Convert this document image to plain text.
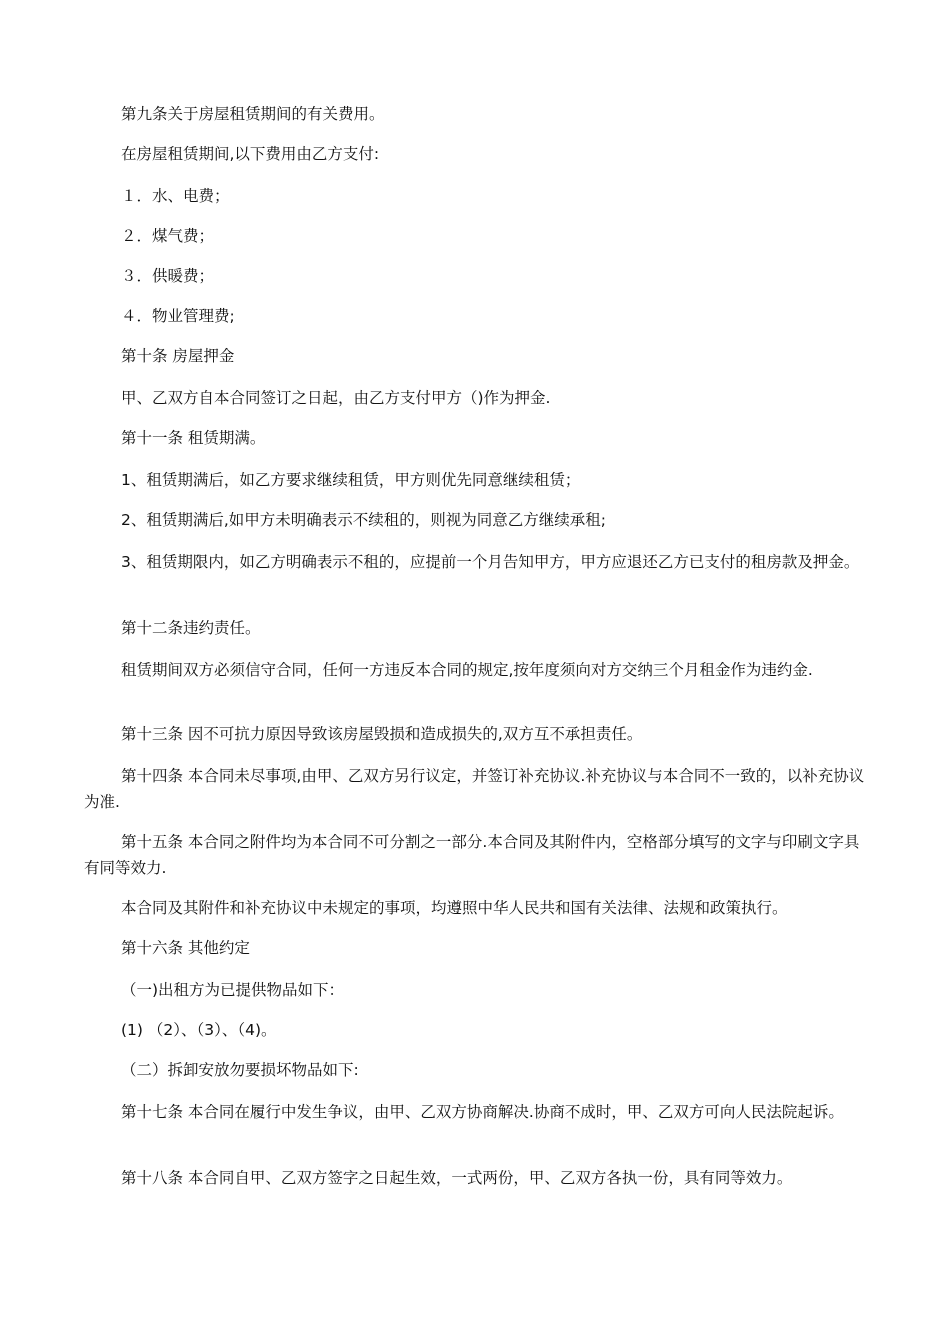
第九条关于房屋租赁期间的有关费用。

在房屋租赁期间,以下费用由乙方支付:

１．水、电费；

２．煤气费；

３．供暖费；

４．物业管理费;

第十条 房屋押金

甲、乙双方自本合同签订之日起，由乙方支付甲方（)作为押金.

第十一条 租赁期满。

1、租赁期满后，如乙方要求继续租赁，甲方则优先同意继续租赁；

2、租赁期满后,如甲方未明确表示不续租的，则视为同意乙方继续承租;

3、租赁期限内，如乙方明确表示不租的，应提前一个月告知甲方，甲方应退还乙方已支付的租房款及押金。

第十二条违约责任。

租赁期间双方必须信守合同，任何一方违反本合同的规定,按年度须向对方交纳三个月租金作为违约金.

第十三条 因不可抗力原因导致该房屋毁损和造成损失的,双方互不承担责任。

第十四条 本合同未尽事项,由甲、乙双方另行议定，并签订补充协议.补充协议与本合同不一致的，以补充协议为准.

第十五条 本合同之附件均为本合同不可分割之一部分.本合同及其附件内，空格部分填写的文字与印刷文字具有同等效力.

本合同及其附件和补充协议中未规定的事项，均遵照中华人民共和国有关法律、法规和政策执行。

第十六条 其他约定

（一)出租方为已提供物品如下：

(1) （2）、（3）、（4)。

（二）拆卸安放勿要损坏物品如下:

第十七条 本合同在履行中发生争议，由甲、乙双方协商解决.协商不成时，甲、乙双方可向人民法院起诉。

第十八条 本合同自甲、乙双方签字之日起生效，一式两份，甲、乙双方各执一份，具有同等效力。
